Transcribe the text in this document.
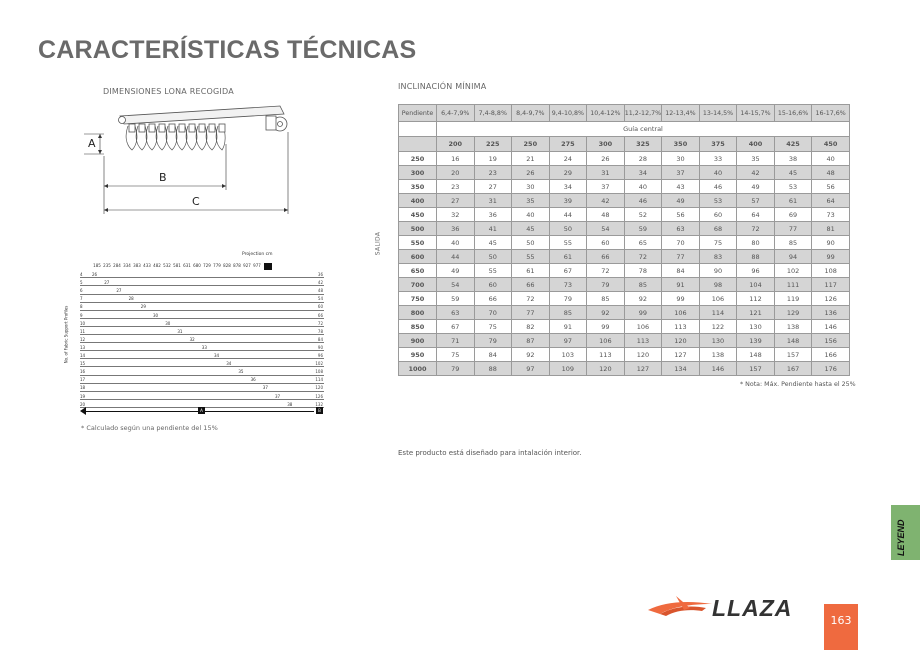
CARACTERÍSTICAS TÉCNICAS
DIMENSIONES LONA RECOGIDA
INCLINACIÓN MÍNIMA
A
B
C
Projection cm
No. of Fabric Support Profiles
185 235 284 334 383 433 482 532 581 631 680 729 779 828 878 927 977
4 26	36
5	27	42
6	27	48
7	28	54
8	29	60
9	30	66
10	30	72
11	31	78
12	32	84
13	33	90
14	34	96
15	34	102
16	35	108
17	36	114
18	37	120
19	37	126
20	38	132
A	B
* Calculado según una pendiente del 15%
SALIDA
Pendiente	6,4-7,9%	7,4-8,8%	8,4-9,7%	9,4-10,8%	10,4-12%	11,2-12,7%	12-13,4%	13-14,5%	14-15,7%	15-16,6%	16-17,6%
	Guía central										
	200	225	250	275	300	325	350	375	400	425	450
250	16	19	21	24	26	28	30	33	35	38	40
300	20	23	26	29	31	34	37	40	42	45	48
350	23	27	30	34	37	40	43	46	49	53	56
400	27	31	35	39	42	46	49	53	57	61	64
450	32	36	40	44	48	52	56	60	64	69	73
500	36	41	45	50	54	59	63	68	72	77	81
550	40	45	50	55	60	65	70	75	80	85	90
600	44	50	55	61	66	72	77	83	88	94	99
650	49	55	61	67	72	78	84	90	96	102	108
700	54	60	66	73	79	85	91	98	104	111	117
750	59	66	72	79	85	92	99	106	112	119	126
800	63	70	77	85	92	99	106	114	121	129	136
850	67	75	82	91	99	106	113	122	130	138	146
900	71	79	87	97	106	113	120	130	139	148	156
950	75	84	92	103	113	120	127	138	148	157	166
1000	79	88	97	109	120	127	134	146	157	167	176
* Nota: Máx. Pendiente hasta el 25%
Este producto está diseñado para intalación interior.
LEYEND
LLAZA	163
